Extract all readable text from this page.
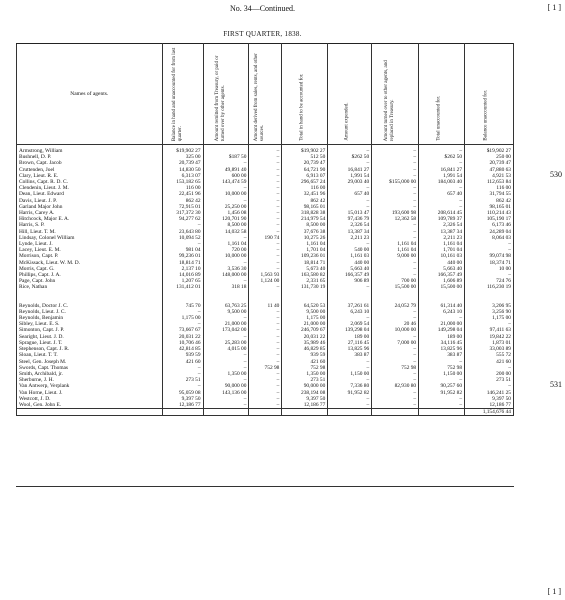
No. 34—Continued.
FIRST QUARTER, 1838.
[ 1 ]
[ 1 ]
530
531
Names of agents.	Balance in hand and unaccounted for from last quarter.	Amount remitted from Treasury, or paid or turned over by other agents.	Amount derived from sales, rents, and other sources.	Total in hand to be accounted for.	Amount expended.	Amount turned over to other agents, and replaced in Treasury.	Total unaccounted for.	Balance unaccounted for.

Armstrong, William	$19,902 27		–	$19,902 27	–	–	–	$19,902 27
Bushnell, D. P.	325 00	$187 50	–	512 50	$262 50	–	$262 50	250 00
Brown, Capt. Jacob	20,739 47	–	–	20,739 47	–	–	–	20,739 47
Cruttenden, Joel	14,830 50	49,891 40	–	64,721 90	16,841 27	–	16,841 27	47,880 63
Clary, Lieut. R. E.	6,313 07	600 00	–	6,913 07	1,991 54	–	1,991 54	4,921 53
Collins, Capt. R. D. C.	153,182 65	143,474 59	–	296,657 24	29,003 40	$155,000 00	184,003 40	112,653 84
Clendenin, Lieut. J. M.	116 00	–	–	116 00	–	–	–	116 00
Dean, Lieut. Edward	22,451 96	10,000 00	–	32,451 96	657 40	–	657 40	31,794 55
Davis, Lieut. J. P.	862 42	–	–	862 42	–	–	–	862 42
Garland Major John	72,915 01	25,250 00	–	98,165 01	–	–	–	98,165 01
Harris, Carey A.	317,372 30	1,456 08	–	318,828 38	15,013 47	193,600 98	208,614 45	110,214 43
Hitchcock, Major E. A.	94,277 62	120,701 90	–	214,979 54	97,436 79	12,362 58	109,789 37	105,190 17
Harris, S. P.	–	8,500 00	–	8,500 00	2,326 54	–	2,326 54	6,173 46
Hill, Lieut. T. M.	23,643 80	14,032 58	–	37,676 38	13,387 34	–	13,387 34	24,289 04
Lindsay, Colonel William	10,094 52	–	190 74	10,275 26	2,211 23	–	2,211 23	8,064 03
Lynde, Lieut. J.	–	1,161 04	–	1,161 04	–	1,161 04	1,161 04	–
Lacey, Lieut. E. M.	981 04	720 00	–	1,701 04	540 00	1,161 04	1,701 04	–
Morrison, Capt. P.	99,236 01	10,000 00	–	109,236 01	1,161 03	9,000 00	10,161 03	99,074 98
McKissack, Lieut. W. M. D.	18,814 71	–	–	18,814 71	440 00	–	440 00	18,374 71
Morris, Capt. G.	2,137 10	3,536 30	–	5,673 40	5,663 40	–	5,663 40	10 00
Phillips, Capt. J. A.	14,016 89	148,000 00	1,563 93	163,580 82	166,357 49	–	166,357 49	–
Page, Capt. John	1,207 65	–	1,124 00	2,331 65	906 89	700 00	1,606 89	724 76
Rice, Nathan	131,412 01	318 18	–	131,730 19	–	15,500 00	15,500 00	116,230 19

Reynolds, Doctor J. C.	745 70	63,763 25	11 40	64,520 53	37,261 61	24,052 79	61,314 40	3,206 95
Reynolds, Lieut. J. C.	–	9,500 00	–	9,500 00	6,243 10	–	6,243 10	3,256 90
Reynolds, Benjamin	1,175 00	–	–	1,175 00	–	–	–	1,175 00
Sibley, Lieut. E. S.	–	21,000 00	–	21,000 00	2,069 54	20 46	21,000 00	–
Simonton, Capt. J. P.	73,667 67	173,042 00	–	246,709 67	139,298 04	10,000 00	149,298 04	97,411 63
Searight, Lieut. J. D.	20,031 22	–	–	20,031 22	189 00	–	189 00	19,842 22
Sprague, Lieut. J. T.	10,706 46	25,283 00	–	35,989 46	27,116 45	7,000 00	34,116 45	1,873 01
Stephenson, Capt. J. R.	42,814 85	4,015 00	–	46,829 85	13,825 96	–	13,825 96	33,003 89
Sloan, Lieut. T. T.	939 59	–	–	939 59	383 87	–	383 87	555 72
Steel, Gen. Joseph M.	421 60	–	–	421 60	–	–	–	421 60
Swords, Capt. Thomas	–	–	752 98	752 98	–	752 98	752 98	–
Smith, Archibald, jr.	–	1,350 00	–	1,350 00	1,150 00	–	1,150 00	200 00
Sherburne, J. H.	273 51	–	–	273 51	–	–	–	273 51
Van Antwerp, Verplank	–	90,000 00	–	90,000 00	7,336 80	82,930 80	90,257 60	–
Van Horne, Lieut. J.	95,059 08	143,136 00	–	238,194 08	91,952 82	–	91,952 82	146,241 25
Westcott, J. D.	9,397 50	–	–	9,397 50	–	–	–	9,397 50
Wool, Gen. John E.	12,186 77	–	–	12,186 77	–	–	–	12,186 77
								1,154,676 44
